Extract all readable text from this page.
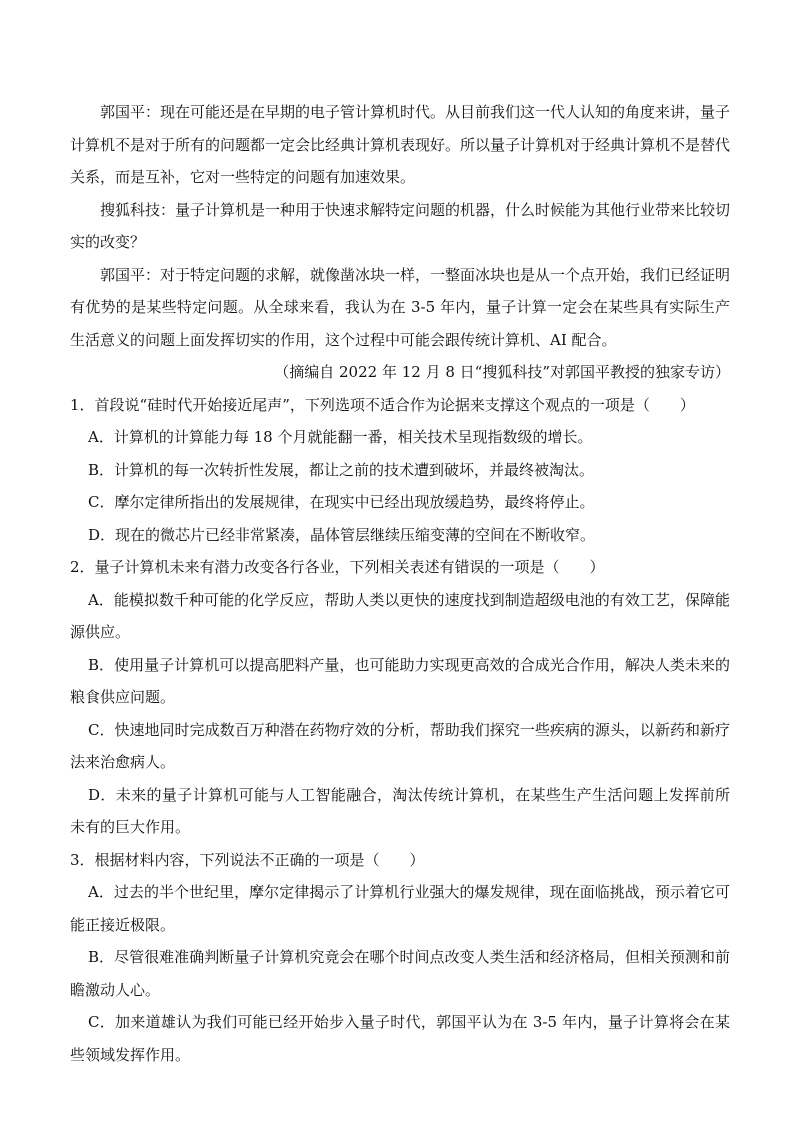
郭国平：现在可能还是在早期的电子管计算机时代。从目前我们这一代人认知的角度来讲，量子计算机不是对于所有的问题都一定会比经典计算机表现好。所以量子计算机对于经典计算机不是替代关系，而是互补，它对一些特定的问题有加速效果。

搜狐科技：量子计算机是一种用于快速求解特定问题的机器，什么时候能为其他行业带来比较切实的改变？

郭国平：对于特定问题的求解，就像凿冰块一样，一整面冰块也是从一个点开始，我们已经证明有优势的是某些特定问题。从全球来看，我认为在 3-5 年内，量子计算一定会在某些具有实际生产生活意义的问题上面发挥切实的作用，这个过程中可能会跟传统计算机、AI 配合。

（摘编自 2022 年 12 月 8 日“搜狐科技”对郭国平教授的独家专访）

1．首段说“硅时代开始接近尾声”，下列选项不适合作为论据来支撑这个观点的一项是（　　）

A．计算机的计算能力每 18 个月就能翻一番，相关技术呈现指数级的增长。

B．计算机的每一次转折性发展，都让之前的技术遭到破坏，并最终被淘汰。

C．摩尔定律所指出的发展规律，在现实中已经出现放缓趋势，最终将停止。

D．现在的微芯片已经非常紧凑，晶体管层继续压缩变薄的空间在不断收窄。

2．量子计算机未来有潜力改变各行各业，下列相关表述有错误的一项是（　　）

A．能模拟数千种可能的化学反应，帮助人类以更快的速度找到制造超级电池的有效工艺，保障能源供应。

B．使用量子计算机可以提高肥料产量，也可能助力实现更高效的合成光合作用，解决人类未来的粮食供应问题。

C．快速地同时完成数百万种潜在药物疗效的分析，帮助我们探究一些疾病的源头，以新药和新疗法来治愈病人。

D．未来的量子计算机可能与人工智能融合，淘汰传统计算机，在某些生产生活问题上发挥前所未有的巨大作用。

3．根据材料内容，下列说法不正确的一项是（　　）

A．过去的半个世纪里，摩尔定律揭示了计算机行业强大的爆发规律，现在面临挑战，预示着它可能正接近极限。

B．尽管很难准确判断量子计算机究竟会在哪个时间点改变人类生活和经济格局，但相关预测和前瞻激动人心。

C．加来道雄认为我们可能已经开始步入量子时代，郭国平认为在 3-5 年内，量子计算将会在某些领域发挥作用。
